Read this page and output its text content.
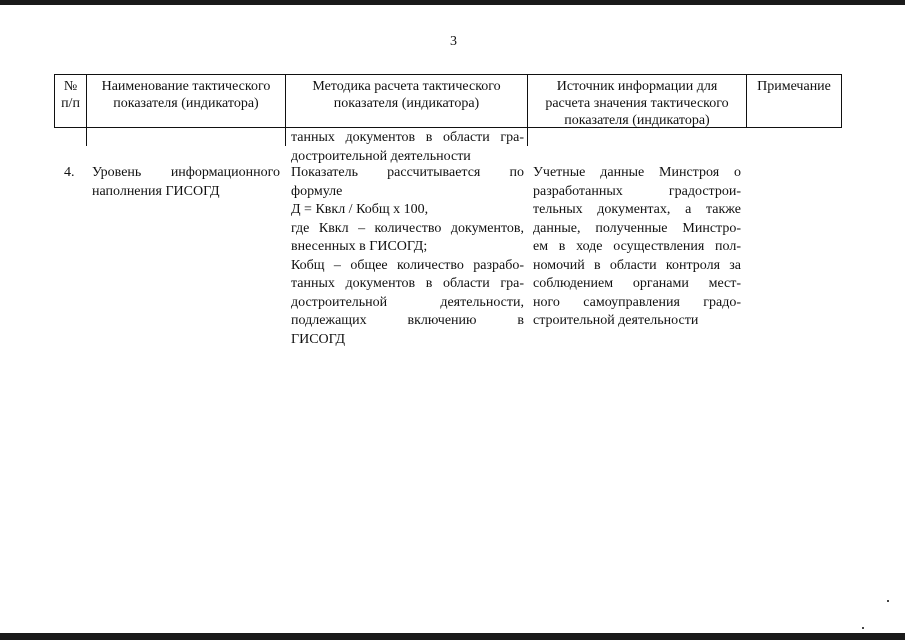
3
№
п/п
Наименование тактического
показателя (индикатора)
Методика расчета тактического
показателя (индикатора)
Источник информации для
расчета значения тактического
показателя (индикатора)
Примечание
танных документов в области гра-
достроительной деятельности
4.	Уровень информационного
наполнения ГИСОГД
Показатель рассчитывается по
формуле
Д = Квкл / Кобщ х 100,
где Квкл – количество документов,
внесенных в ГИСОГД;
Кобщ – общее количество разрабо-
танных документов в области гра-
достроительной деятельности,
подлежащих включению в
ГИСОГД
Учетные данные Минстроя о
разработанных градострои-
тельных документах, а также
данные, полученные Минстро-
ем в ходе осуществления пол-
номочий в области контроля за
соблюдением органами мест-
ного самоуправления градо-
строительной деятельности
